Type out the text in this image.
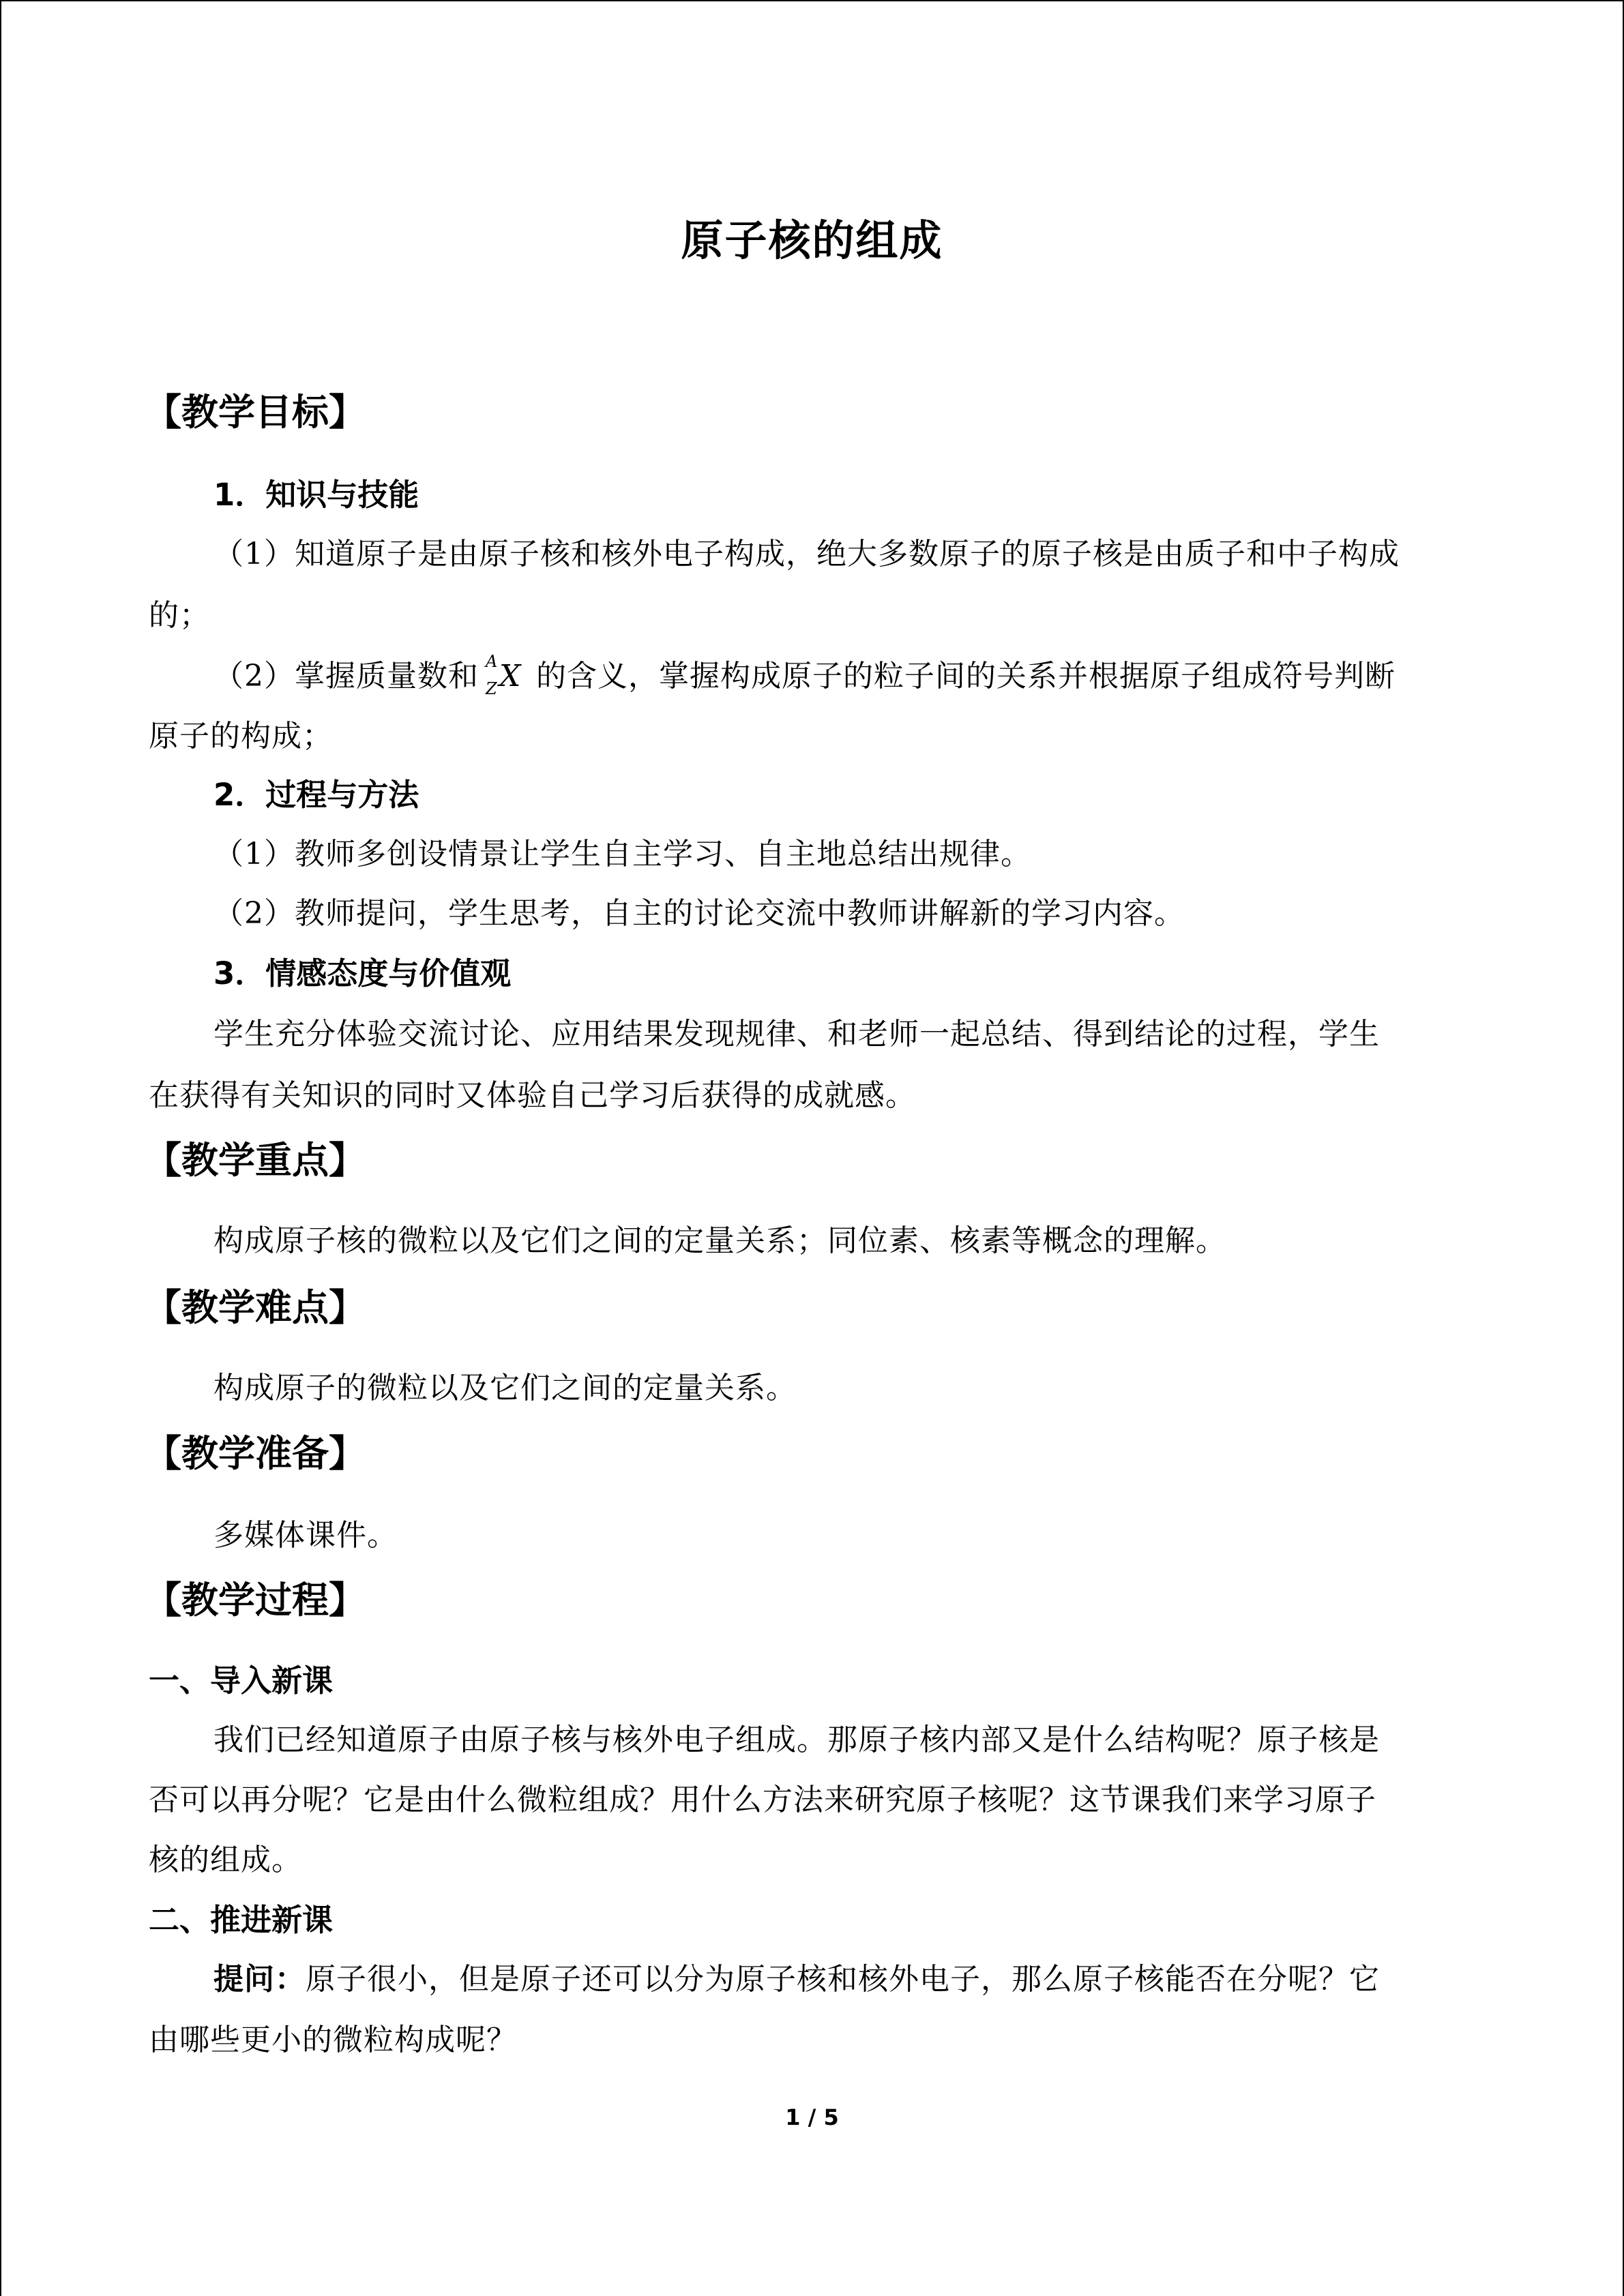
原子核的组成
【教学目标】
1．知识与技能
（1）知道原子是由原子核和核外电子构成，绝大多数原子的原子核是由质子和中子构成
的；
（2）掌握质量数和 A
Z X 的含义，掌握构成原子的粒子间的关系并根据原子组成符号判断
原子的构成；
2．过程与方法
（1）教师多创设情景让学生自主学习、自主地总结出规律。
（2）教师提问，学生思考，自主的讨论交流中教师讲解新的学习内容。
3．情感态度与价值观
学生充分体验交流讨论、应用结果发现规律、和老师一起总结、得到结论的过程，学生
在获得有关知识的同时又体验自己学习后获得的成就感。
【教学重点】
构成原子核的微粒以及它们之间的定量关系；同位素、核素等概念的理解。
【教学难点】
构成原子的微粒以及它们之间的定量关系。
【教学准备】
多媒体课件。
【教学过程】
一、导入新课
我们已经知道原子由原子核与核外电子组成。那原子核内部又是什么结构呢？原子核是
否可以再分呢？它是由什么微粒组成？用什么方法来研究原子核呢？这节课我们来学习原子
核的组成。
二、推进新课
提问：原子很小，但是原子还可以分为原子核和核外电子，那么原子核能否在分呢？它
由哪些更小的微粒构成呢？
1 / 5
